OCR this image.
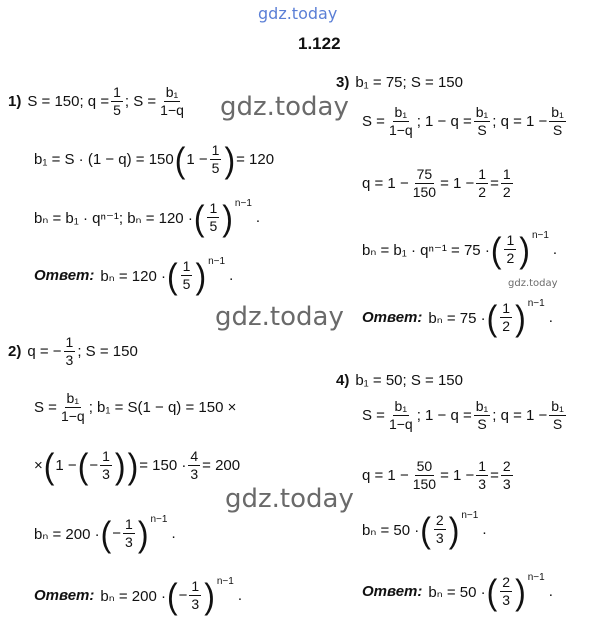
gdz.today
gdz.today
gdz.today
gdz.today
gdz.today
1.122
1) S = 150; $q = \frac{1}{5}$ ; $S = \frac{\text{b₁}}{1-q}$
b₁ = S · (1 − q) = 150 ( $1 - \frac{1}{5}$ ) = 120
bₙ = b₁ · qⁿ⁻¹; bₙ = 120 · ( $\frac{1}{5}$ ) n−1
.
Ответ: bₙ = 120 · ( $\frac{1}{5}$ ) n−1
.
2) q = − $\frac{1}{3}$ ; S = 150
$S = \frac{\text{b₁}}{1-q}$ ; b₁ = S(1 − q) = 150 ×
× ( 1 − ( − $\frac{1}{3}$ ) ) = $150 \cdot \frac{4}{3} = 200$
bₙ = 200 · ( − $\frac{1}{3}$ ) n−1
.
Ответ: bₙ = 200 · ( − $\frac{1}{3}$ ) n−1
.
3) b₁ = 75; S = 150
$S = \frac{\text{b₁}}{1-q}$ ; $1 - q = \frac{\text{b₁}}{S}$ ; $q = 1 - \frac{\text{b₁}}{S}$
$q = 1 - \frac{75}{150} = 1 - \frac{1}{2} = \frac{1}{2}$
bₙ = b₁ · qⁿ⁻¹ = 75 · ( $\frac{1}{2}$ ) n−1
.
Ответ: bₙ = 75 · ( $\frac{1}{2}$ ) n−1
.
4) b₁ = 50; S = 150
$S = \frac{\text{b₁}}{1-q}$ ; $1 - q = \frac{\text{b₁}}{S}$ ; $q = 1 - \frac{\text{b₁}}{S}$
$q = 1 - \frac{50}{150} = 1 - \frac{1}{3} = \frac{2}{3}$
bₙ = 50 · ( $\frac{2}{3}$ ) n−1
.
Ответ: bₙ = 50 · ( $\frac{2}{3}$ ) n−1
.
